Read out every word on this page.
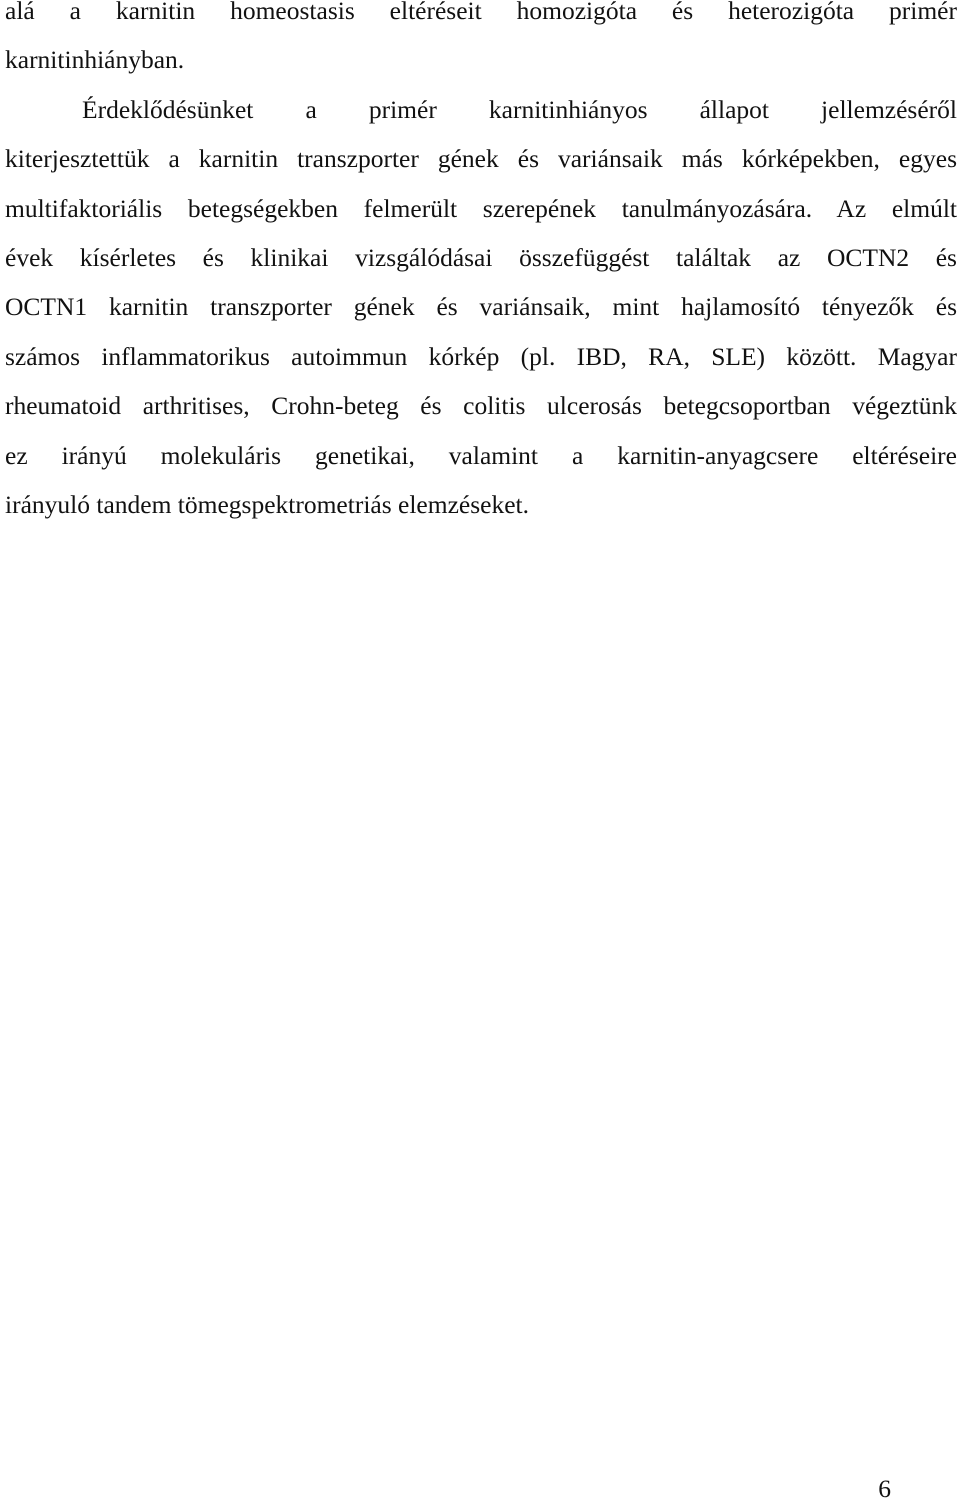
alá a karnitin homeostasis eltéréseit homozigóta és heterozigóta primér
karnitinhiányban.
Érdeklődésünket a primér karnitinhiányos állapot jellemzéséről
kiterjesztettük a karnitin transzporter gének és variánsaik más kórképekben, egyes
multifaktoriális betegségekben felmerült szerepének tanulmányozására. Az elmúlt
évek kísérletes és klinikai vizsgálódásai összefüggést találtak az OCTN2 és
OCTN1 karnitin transzporter gének és variánsaik, mint hajlamosító tényezők és
számos inflammatorikus autoimmun kórkép (pl. IBD, RA, SLE) között. Magyar
rheumatoid arthritises, Crohn-beteg és colitis ulcerosás betegcsoportban végeztünk
ez irányú molekuláris genetikai, valamint a karnitin-anyagcsere eltéréseire
irányuló tandem tömegspektrometriás elemzéseket.
6
